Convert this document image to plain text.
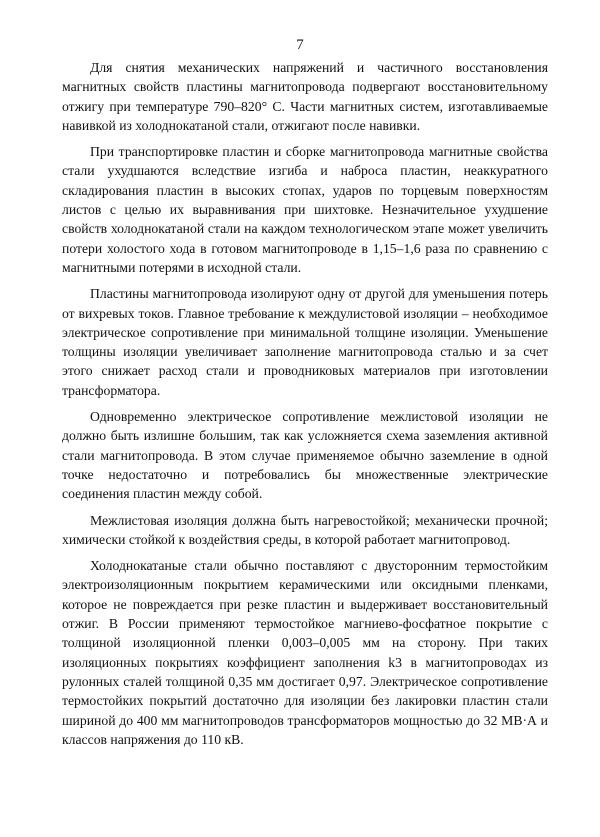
7

Для снятия механических напряжений и частичного восстановления магнитных свойств пластины магнитопровода подвергают восстановительному отжигу при температуре 790–820° С. Части магнитных систем, изготавливаемые навивкой из холоднокатаной стали, отжигают после навивки.

При транспортировке пластин и сборке магнитопровода магнитные свойства стали ухудшаются вследствие изгиба и наброса пластин, неаккуратного складирования пластин в высоких стопах, ударов по торцевым поверхностям листов с целью их выравнивания при шихтовке. Незначительное ухудшение свойств холоднокатаной стали на каждом технологическом этапе может увеличить потери холостого хода в готовом магнитопроводе в 1,15–1,6 раза по сравнению с магнитными потерями в исходной стали.

Пластины магнитопровода изолируют одну от другой для уменьшения потерь от вихревых токов. Главное требование к междулистовой изоляции – необходимое электрическое сопротивление при минимальной толщине изоляции. Уменьшение толщины изоляции увеличивает заполнение магнитопровода сталью и за счет этого снижает расход стали и проводниковых материалов при изготовлении трансформатора.

Одновременно электрическое сопротивление межлистовой изоляции не должно быть излишне большим, так как усложняется схема заземления активной стали магнитопровода. В этом случае применяемое обычно заземление в одной точке недостаточно и потребовались бы множественные электрические соединения пластин между собой.

Межлистовая изоляция должна быть нагревостойкой; механически прочной; химически стойкой к воздействия среды, в которой работает магнитопровод.

Холоднокатаные стали обычно поставляют с двусторонним термостойким электроизоляционным покрытием керамическими или оксидными пленками, которое не повреждается при резке пластин и выдерживает восстановительный отжиг. В России применяют термостойкое магниево-фосфатное покрытие с толщиной изоляционной пленки 0,003–0,005 мм на сторону. При таких изоляционных покрытиях коэффициент заполнения k3 в магнитопроводах из рулонных сталей толщиной 0,35 мм достигает 0,97. Электрическое сопротивление термостойких покрытий достаточно для изоляции без лакировки пластин стали шириной до 400 мм магнитопроводов трансформаторов мощностью до 32 МВ·А и классов напряжения до 110 кВ.
